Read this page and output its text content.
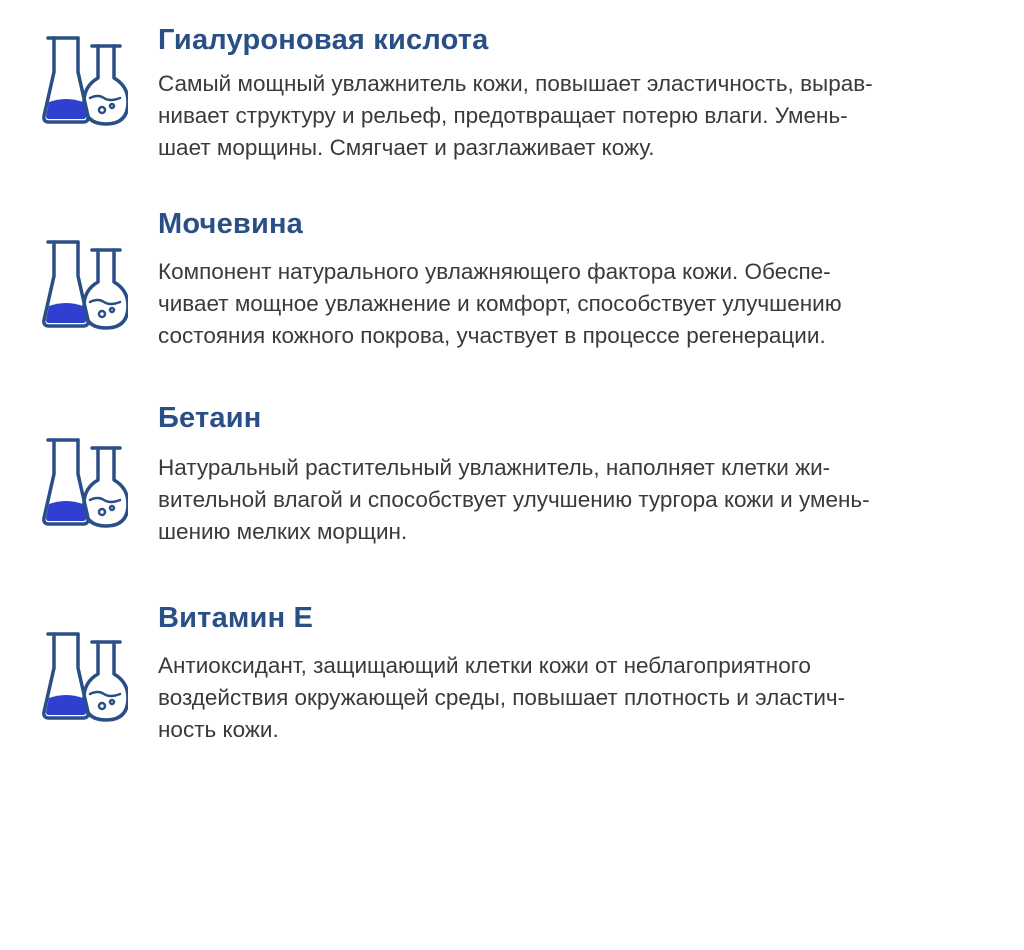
Гиалуроновая кислота

Самый мощный увлажнитель кожи, повышает эластичность, вырав-
нивает структуру и рельеф, предотвращает потерю влаги. Умень-
шает морщины. Смягчает и разглаживает кожу.

Мочевина

Компонент натурального увлажняющего фактора кожи. Обеспе-
чивает мощное увлажнение и комфорт, способствует улучшению
состояния кожного покрова, участвует в процессе регенерации.

Бетаин

Натуральный растительный увлажнитель, наполняет клетки жи-
вительной влагой и способствует улучшению тургора кожи и умень-
шению мелких морщин.

Витамин Е

Антиоксидант, защищающий клетки кожи от неблагоприятного
воздействия окружающей среды, повышает плотность и эластич-
ность кожи.
